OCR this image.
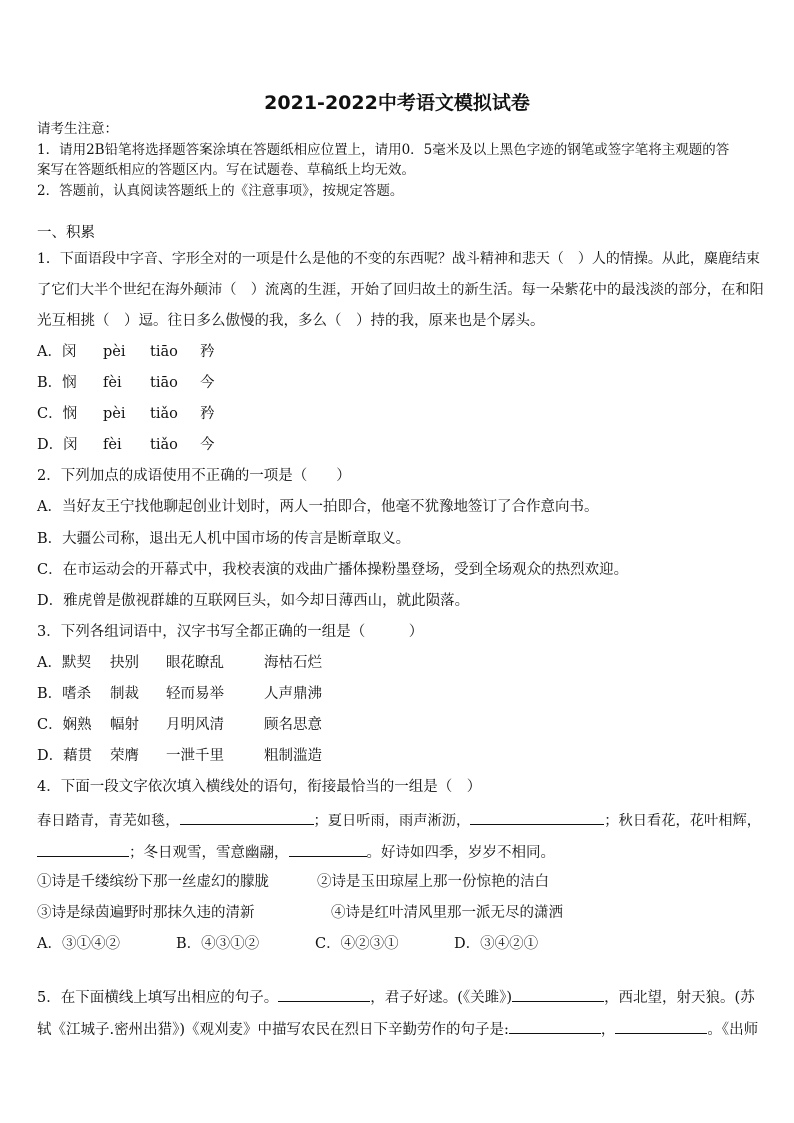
2021-2022中考语文模拟试卷
请考生注意：
1．请用2B铅笔将选择题答案涂填在答题纸相应位置上，请用0．5毫米及以上黑色字迹的钢笔或签字笔将主观题的答
案写在答题纸相应的答题区内。写在试题卷、草稿纸上均无效。
2．答题前，认真阅读答题纸上的《注意事项》，按规定答题。
一、积累
1．下面语段中字音、字形全对的一项是什么是他的不变的东西呢？战斗精神和悲天（　）人的情操。从此，麋鹿结束
了它们大半个世纪在海外颠沛（　）流离的生涯，开始了回归故土的新生活。每一朵紫花中的最浅淡的部分，在和阳
光互相挑（　）逗。往日多么傲慢的我，多么（　）持的我，原来也是个孱头。
A．闵 pèi tiāo 矜
B．悯 fèi tiāo 今
C．悯 pèi tiǎo 矜
D．闵 fèi tiǎo 今
2．下列加点的成语使用不正确的一项是（　　）
A．当好友王宁找他聊起创业计划时，两人一拍即合，他毫不犹豫地签订了合作意向书。
B．大疆公司称，退出无人机中国市场的传言是断章取义。
C．在市运动会的开幕式中，我校表演的戏曲广播体操粉墨登场，受到全场观众的热烈欢迎。
D．雅虎曾是傲视群雄的互联网巨头，如今却日薄西山，就此陨落。
3．下列各组词语中，汉字书写全都正确的一组是（　　　）
A．默契 抉别 眼花瞭乱	海枯石烂
B．嗜杀 制裁 轻而易举	人声鼎沸
C．娴熟 幅射 月明风清	顾名思意
D．藉贯 荣膺 一泄千里	粗制滥造
4．下面一段文字依次填入横线处的语句，衔接最恰当的一组是（　）
春日踏青，青芜如毯，	；夏日听雨，雨声淅沥，	；秋日看花，花叶相辉，
；冬日观雪，雪意幽翮，	。好诗如四季，岁岁不相同。
①诗是千缕缤纷下那一丝虚幻的朦胧	②诗是玉田琼屋上那一份惊艳的洁白
③诗是绿茵遍野时那抹久违的清新	④诗是红叶清风里那一派无尽的潇洒
A．③①④②	B．④③①②	C．④②③①	D．③④②①
5．在下面横线上填写出相应的句子。	，君子好逑。(《关雎》)	，西北望，射天狼。(苏
轼《江城子.密州出猎》)《观刈麦》中描写农民在烈日下辛勤劳作的句子是:	，	。《出师
